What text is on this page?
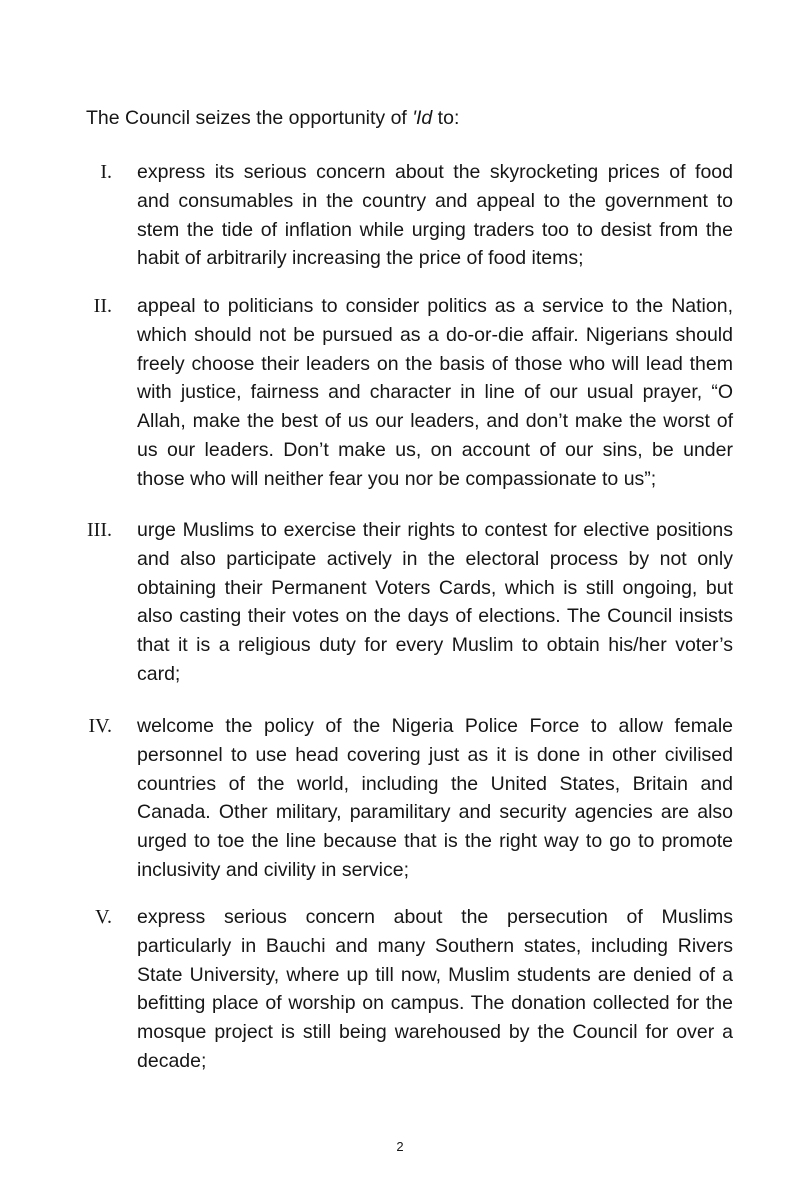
The Council seizes the opportunity of 'Id to:
I. express its serious concern about the skyrocketing prices of food
and consumables in the country and appeal to the government to
stem the tide of inflation while urging traders too to desist from the
habit of arbitrarily increasing the price of food items;
II. appeal to politicians to consider politics as a service to the Nation,
which should not be pursued as a do-or-die affair. Nigerians should
freely choose their leaders on the basis of those who will lead them
with justice, fairness and character in line of our usual prayer, “O
Allah, make the best of us our leaders, and don’t make the worst of
us our leaders. Don’t make us, on account of our sins, be under
those who will neither fear you nor be compassionate to us”;
III. urge Muslims to exercise their rights to contest for elective positions
and also participate actively in the electoral process by not only
obtaining their Permanent Voters Cards, which is still ongoing, but
also casting their votes on the days of elections. The Council insists
that it is a religious duty for every Muslim to obtain his/her voter’s
card;
IV. welcome the policy of the Nigeria Police Force to allow female
personnel to use head covering just as it is done in other civilised
countries of the world, including the United States, Britain and
Canada. Other military, paramilitary and security agencies are also
urged to toe the line because that is the right way to go to promote
inclusivity and civility in service;
V. express serious concern about the persecution of Muslims
particularly in Bauchi and many Southern states, including Rivers
State University, where up till now, Muslim students are denied of a
befitting place of worship on campus. The donation collected for the
mosque project is still being warehoused by the Council for over a
decade;
2
